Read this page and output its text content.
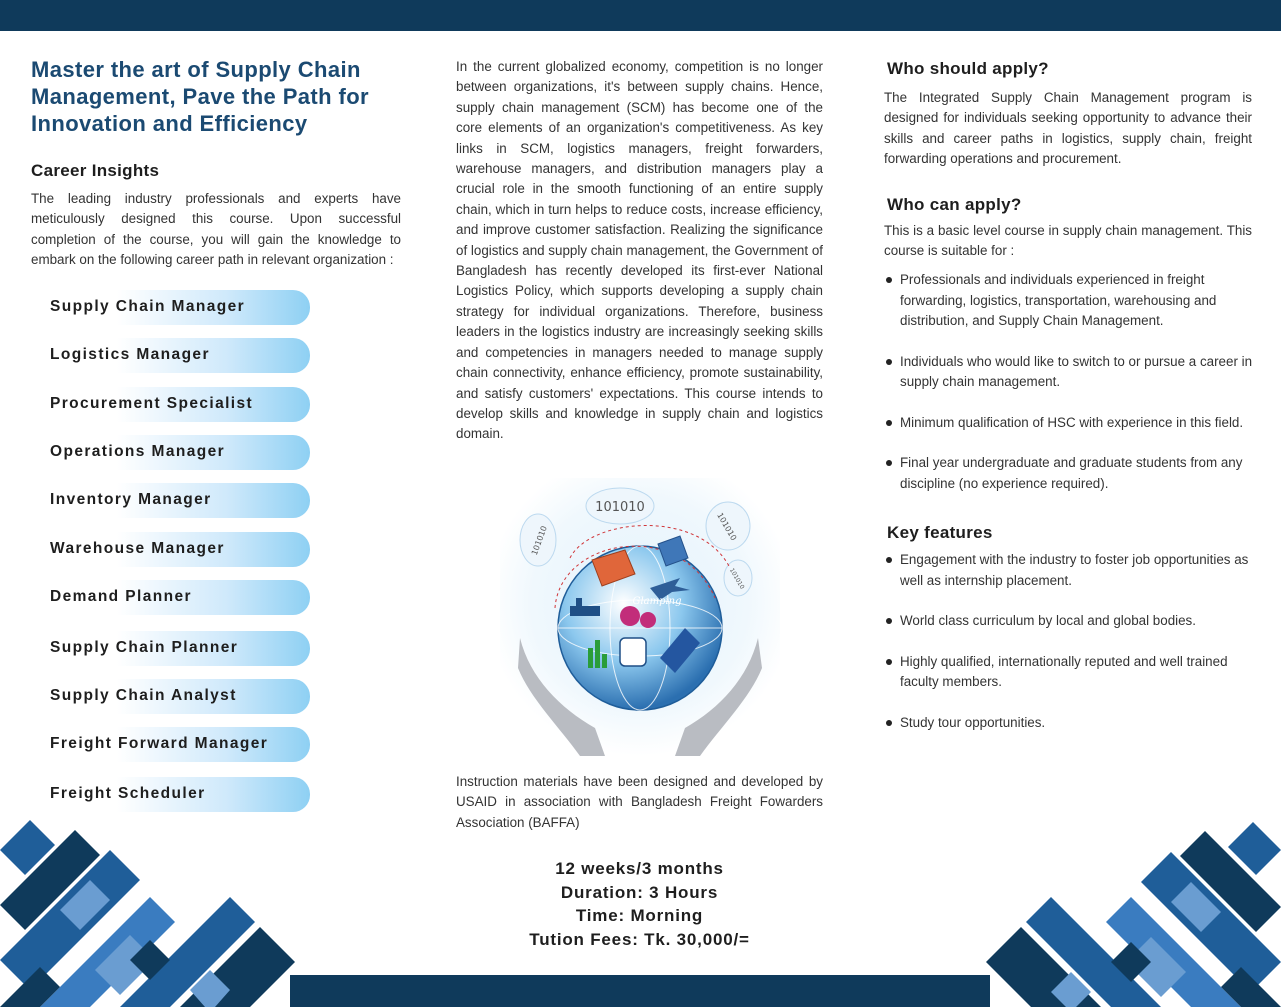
Master the art of Supply Chain Management, Pave the Path for Innovation and Efficiency
Career Insights

The leading industry professionals and experts have meticulously designed this course. Upon successful completion of the course, you will gain the knowledge to embark on the following career path in relevant organization :

Supply Chain Manager
Logistics Manager
Procurement Specialist
Operations Manager
Inventory Manager
Warehouse Manager
Demand Planner
Supply Chain Planner
Supply Chain Analyst
Freight Forward Manager
Freight Scheduler

In the current globalized economy, competition is no longer between organizations, it's between supply chains. Hence, supply chain management (SCM) has become one of the core elements of an organization's competitiveness. As key links in SCM, logistics managers, freight forwarders, warehouse managers, and distribution managers play a crucial role in the smooth functioning of an entire supply chain, which in turn helps to reduce costs, increase efficiency, and improve customer satisfaction. Realizing the significance of logistics and supply chain management, the Government of Bangladesh has recently developed its first-ever National Logistics Policy, which supports developing a supply chain strategy for individual organizations. Therefore, business leaders in the logistics industry are increasingly seeking skills and competencies in managers needed to manage supply chain connectivity, enhance efficiency, promote sustainability, and satisfy customers' expectations. This course intends to develop skills and knowledge in supply chain and logistics domain.

101010
101010	101010
101010
Glamping

Instruction materials have been designed and developed by USAID in association with Bangladesh Freight Fowarders Association (BAFFA)

12 weeks/3 months
Duration: 3 Hours
Time: Morning
Tution Fees: Tk. 30,000/=
Who should apply?

The Integrated Supply Chain Management program is designed for individuals seeking opportunity to advance their skills and career paths in logistics, supply chain, freight forwarding operations and procurement.

Who can apply?

This is a basic level course in supply chain management. This course is suitable for :

Professionals and individuals experienced in freight forwarding, logistics, transportation, warehousing and distribution, and Supply Chain Management.
Individuals who would like to switch to or pursue a career in supply chain management.
Minimum qualification of HSC with experience in this field.
Final year undergraduate and graduate students from any discipline (no experience required).
Key features
Engagement with the industry to foster job opportunities as well as internship placement.
World class curriculum by local and global bodies.
Highly qualified, internationally reputed and well trained faculty members.
Study tour opportunities.
